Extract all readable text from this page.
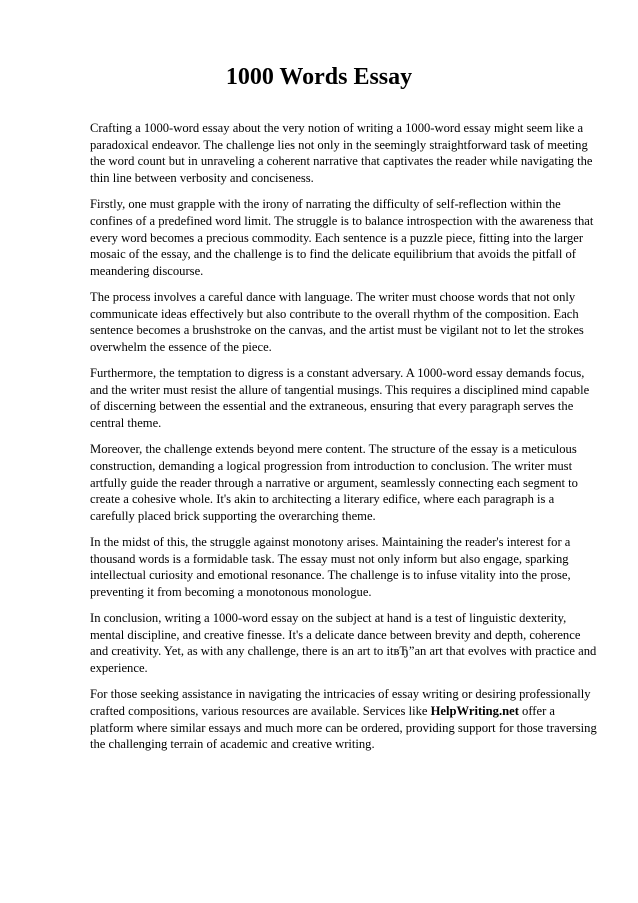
1000 Words Essay

Crafting a 1000-word essay about the very notion of writing a 1000-word essay might seem like a paradoxical endeavor. The challenge lies not only in the seemingly straightforward task of meeting the word count but in unraveling a coherent narrative that captivates the reader while navigating the thin line between verbosity and conciseness.

Firstly, one must grapple with the irony of narrating the difficulty of self-reflection within the confines of a predefined word limit. The struggle is to balance introspection with the awareness that every word becomes a precious commodity. Each sentence is a puzzle piece, fitting into the larger mosaic of the essay, and the challenge is to find the delicate equilibrium that avoids the pitfall of meandering discourse.

The process involves a careful dance with language. The writer must choose words that not only communicate ideas effectively but also contribute to the overall rhythm of the composition. Each sentence becomes a brushstroke on the canvas, and the artist must be vigilant not to let the strokes overwhelm the essence of the piece.

Furthermore, the temptation to digress is a constant adversary. A 1000-word essay demands focus, and the writer must resist the allure of tangential musings. This requires a disciplined mind capable of discerning between the essential and the extraneous, ensuring that every paragraph serves the central theme.

Moreover, the challenge extends beyond mere content. The structure of the essay is a meticulous construction, demanding a logical progression from introduction to conclusion. The writer must artfully guide the reader through a narrative or argument, seamlessly connecting each segment to create a cohesive whole. It's akin to architecting a literary edifice, where each paragraph is a carefully placed brick supporting the overarching theme.

In the midst of this, the struggle against monotony arises. Maintaining the reader's interest for a thousand words is a formidable task. The essay must not only inform but also engage, sparking intellectual curiosity and emotional resonance. The challenge is to infuse vitality into the prose, preventing it from becoming a monotonous monologue.

In conclusion, writing a 1000-word essay on the subject at hand is a test of linguistic dexterity, mental discipline, and creative finesse. It's a delicate dance between brevity and depth, coherence and creativity. Yet, as with any challenge, there is an art to itвЂ”an art that evolves with practice and experience.

For those seeking assistance in navigating the intricacies of essay writing or desiring professionally crafted compositions, various resources are available. Services like HelpWriting.net offer a platform where similar essays and much more can be ordered, providing support for those traversing the challenging terrain of academic and creative writing.
